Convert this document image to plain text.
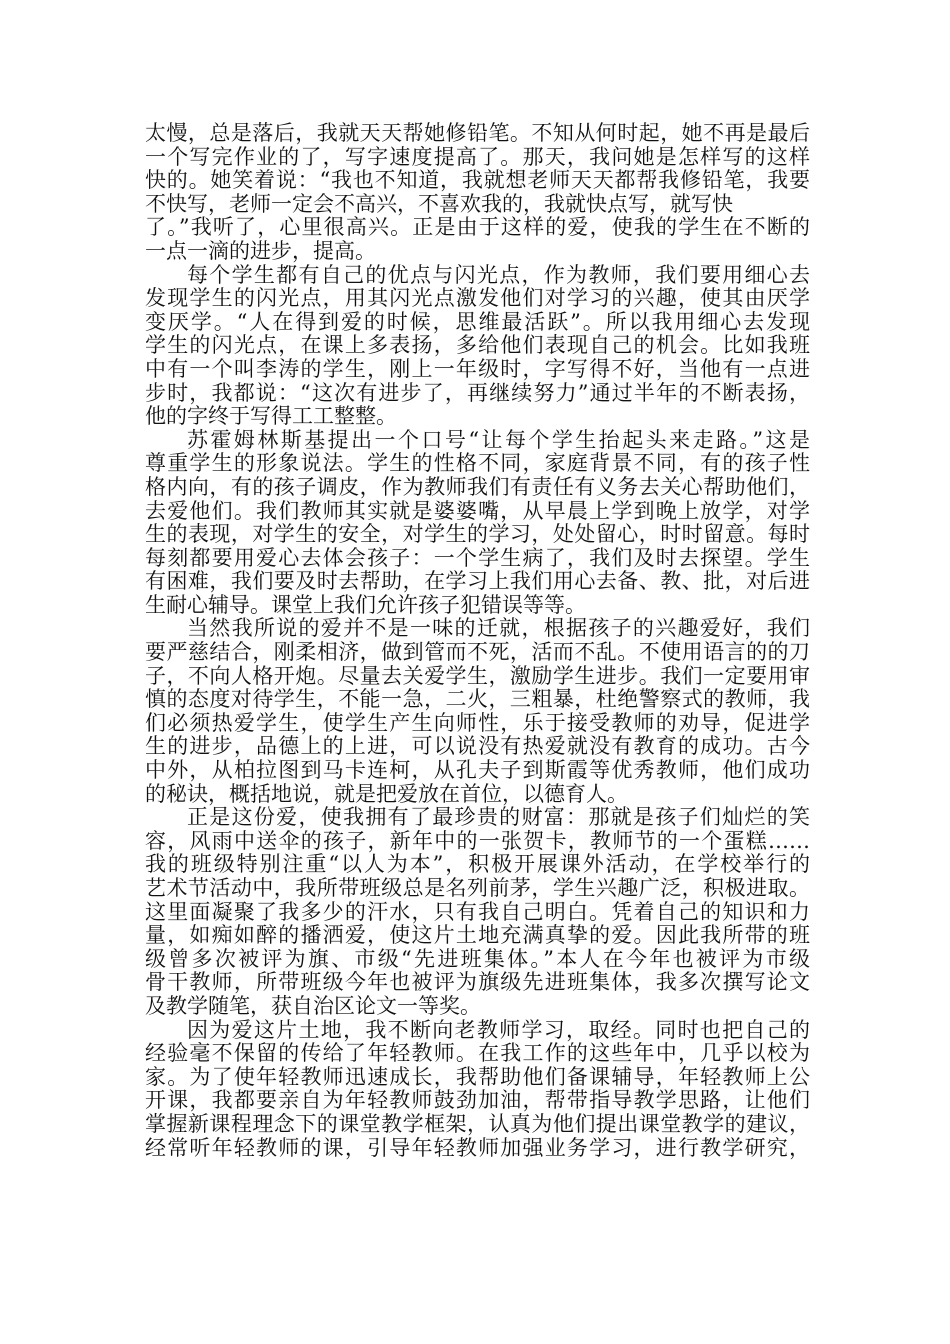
太慢，总是落后，我就天天帮她修铅笔。不知从何时起，她不再是最后
一个写完作业的了，写字速度提高了。那天，我问她是怎样写的这样
快的。她笑着说：“我也不知道，我就想老师天天都帮我修铅笔，我要
不快写，老师一定会不高兴，不喜欢我的，我就快点写，就写快
了。”我听了，心里很高兴。正是由于这样的爱，使我的学生在不断的
一点一滴的进步，提高。
每个学生都有自己的优点与闪光点，作为教师，我们要用细心去
发现学生的闪光点，用其闪光点激发他们对学习的兴趣，使其由厌学
变厌学。“人在得到爱的时候，思维最活跃”。所以我用细心去发现
学生的闪光点，在课上多表扬，多给他们表现自己的机会。比如我班
中有一个叫李涛的学生，刚上一年级时，字写得不好，当他有一点进
步时，我都说：“这次有进步了，再继续努力”通过半年的不断表扬，
他的字终于写得工工整整。
苏霍姆林斯基提出一个口号“让每个学生抬起头来走路。”这是
尊重学生的形象说法。学生的性格不同，家庭背景不同，有的孩子性
格内向，有的孩子调皮，作为教师我们有责任有义务去关心帮助他们，
去爱他们。我们教师其实就是婆婆嘴，从早晨上学到晚上放学，对学
生的表现，对学生的安全，对学生的学习，处处留心，时时留意。每时
每刻都要用爱心去体会孩子：一个学生病了，我们及时去探望。学生
有困难，我们要及时去帮助，在学习上我们用心去备、教、批，对后进
生耐心辅导。课堂上我们允许孩子犯错误等等。
当然我所说的爱并不是一味的迁就，根据孩子的兴趣爱好，我们
要严慈结合，刚柔相济，做到管而不死，活而不乱。不使用语言的的刀
子，不向人格开炮。尽量去关爱学生，激励学生进步。我们一定要用审
慎的态度对待学生，不能一急，二火，三粗暴，杜绝警察式的教师，我
们必须热爱学生，使学生产生向师性，乐于接受教师的劝导，促进学
生的进步，品德上的上进，可以说没有热爱就没有教育的成功。古今
中外，从柏拉图到马卡连柯，从孔夫子到斯霞等优秀教师，他们成功
的秘诀，概括地说，就是把爱放在首位，以德育人。
正是这份爱，使我拥有了最珍贵的财富：那就是孩子们灿烂的笑
容，风雨中送伞的孩子，新年中的一张贺卡，教师节的一个蛋糕……
我的班级特别注重“以人为本”，积极开展课外活动，在学校举行的
艺术节活动中，我所带班级总是名列前茅，学生兴趣广泛，积极进取。
这里面凝聚了我多少的汗水，只有我自己明白。凭着自己的知识和力
量，如痴如醉的播洒爱，使这片土地充满真挚的爱。因此我所带的班
级曾多次被评为旗、市级“先进班集体。”本人在今年也被评为市级
骨干教师，所带班级今年也被评为旗级先进班集体，我多次撰写论文
及教学随笔，获自治区论文一等奖。
因为爱这片土地，我不断向老教师学习，取经。同时也把自己的
经验毫不保留的传给了年轻教师。在我工作的这些年中，几乎以校为
家。为了使年轻教师迅速成长，我帮助他们备课辅导，年轻教师上公
开课，我都要亲自为年轻教师鼓劲加油，帮带指导教学思路，让他们
掌握新课程理念下的课堂教学框架，认真为他们提出课堂教学的建议，
经常听年轻教师的课，引导年轻教师加强业务学习，进行教学研究，
